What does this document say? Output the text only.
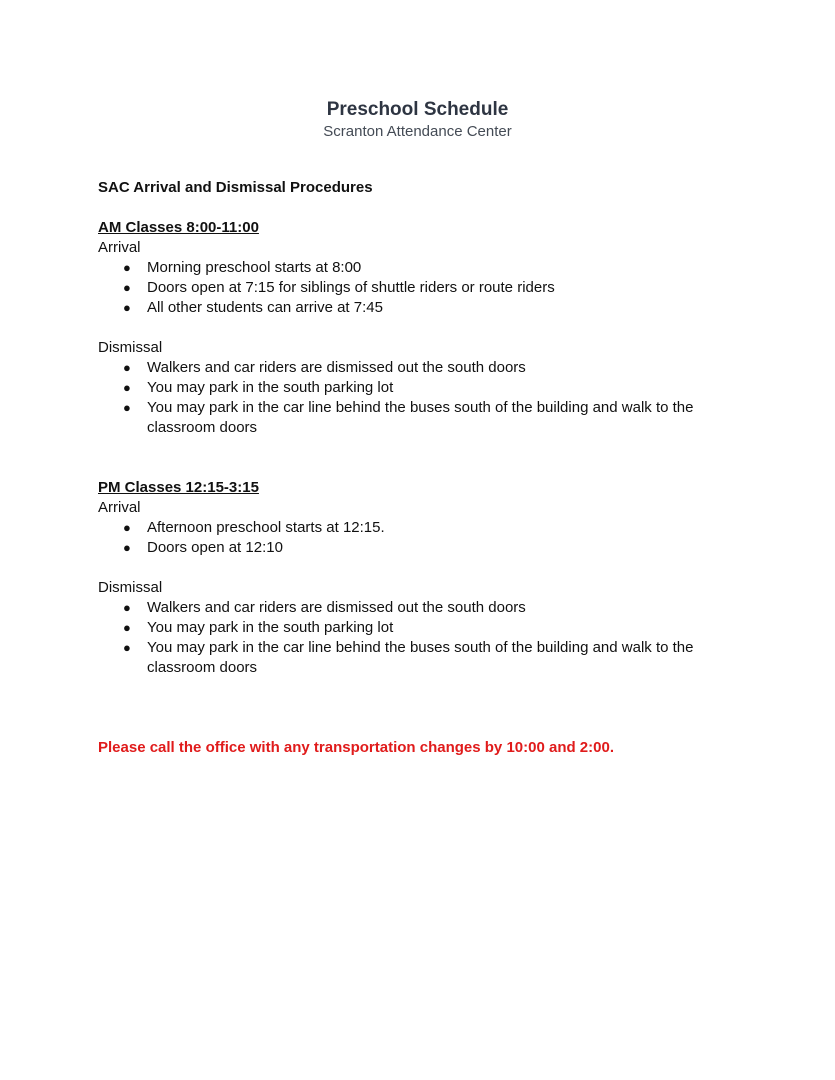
Preschool Schedule
Scranton Attendance Center
SAC Arrival and Dismissal Procedures
AM Classes 8:00-11:00
Arrival
● Morning preschool starts at 8:00
● Doors open at 7:15 for siblings of shuttle riders or route riders
● All other students can arrive at 7:45
Dismissal
● Walkers and car riders are dismissed out the south doors
● You may park in the south parking lot
● You may park in the car line behind the buses south of the building and walk to the classroom doors
PM Classes 12:15-3:15
Arrival
● Afternoon preschool starts at 12:15.
● Doors open at 12:10
Dismissal
● Walkers and car riders are dismissed out the south doors
● You may park in the south parking lot
● You may park in the car line behind the buses south of the building and walk to the classroom doors
Please call the office with any transportation changes by 10:00 and 2:00.
